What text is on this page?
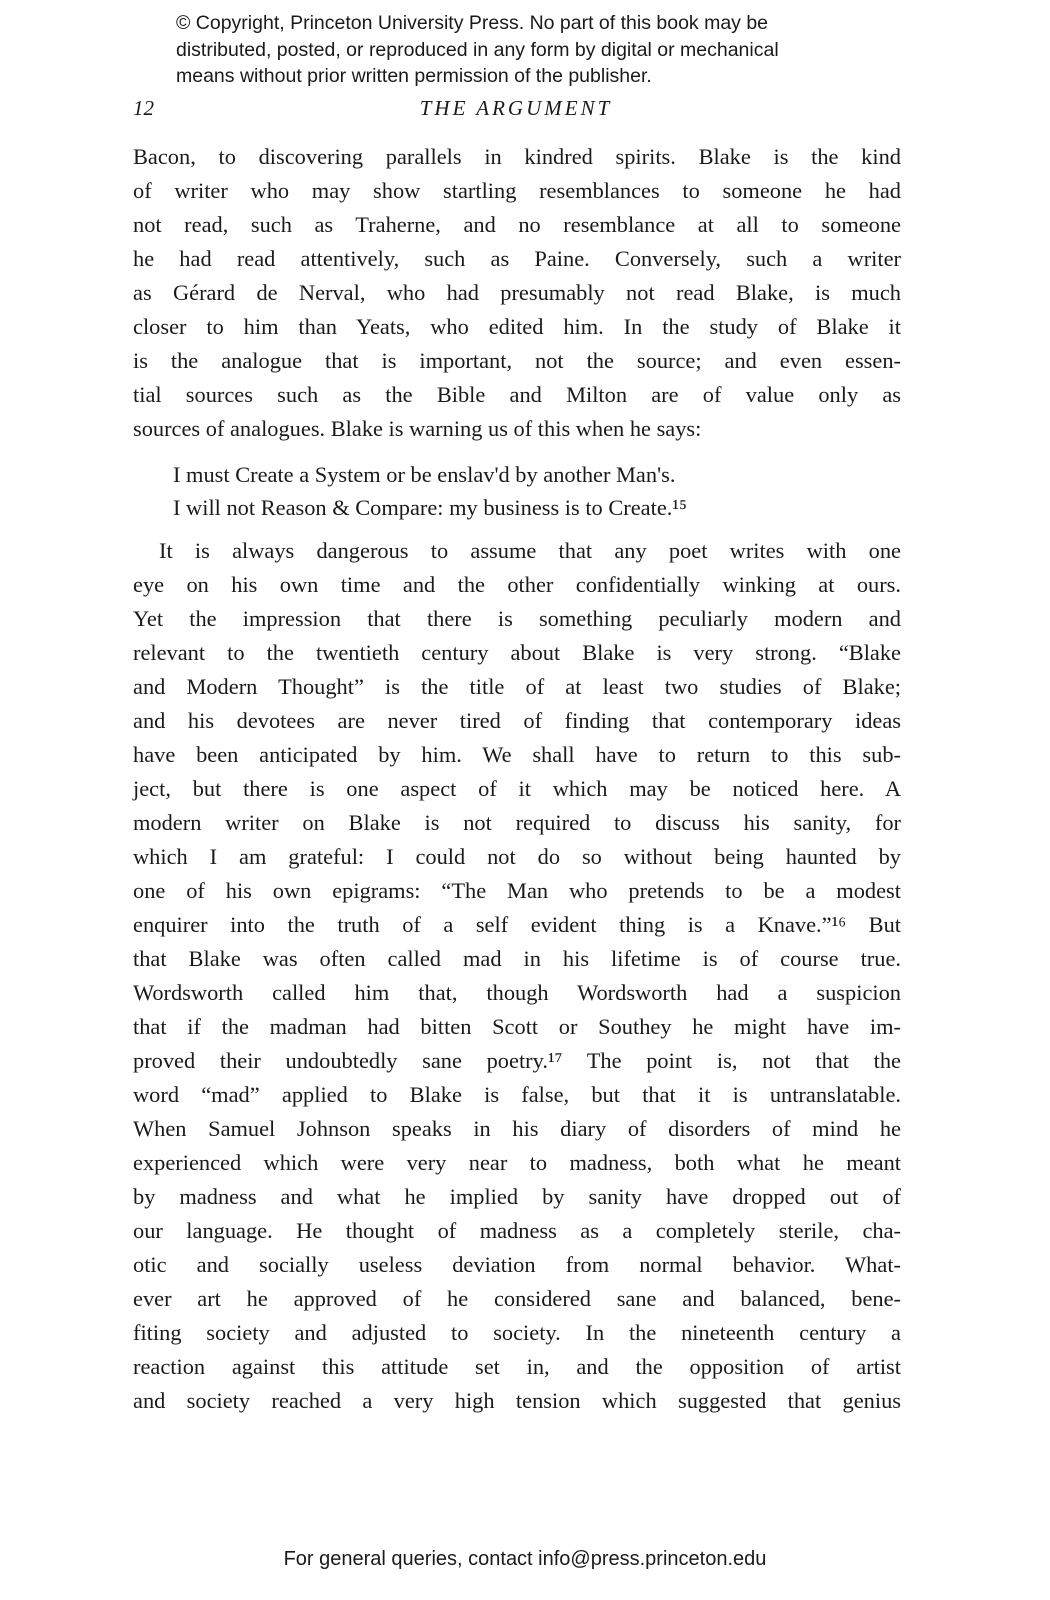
© Copyright, Princeton University Press. No part of this book may be
distributed, posted, or reproduced in any form by digital or mechanical
means without prior written permission of the publisher.
12	THE ARGUMENT
Bacon, to discovering parallels in kindred spirits. Blake is the kind
of writer who may show startling resemblances to someone he had
not read, such as Traherne, and no resemblance at all to someone
he had read attentively, such as Paine. Conversely, such a writer
as Gérard de Nerval, who had presumably not read Blake, is much
closer to him than Yeats, who edited him. In the study of Blake it
is the analogue that is important, not the source; and even essen-
tial sources such as the Bible and Milton are of value only as
sources of analogues. Blake is warning us of this when he says:
I must Create a System or be enslav'd by another Man's.
I will not Reason & Compare: my business is to Create.¹⁵
It is always dangerous to assume that any poet writes with one
eye on his own time and the other confidentially winking at ours.
Yet the impression that there is something peculiarly modern and
relevant to the twentieth century about Blake is very strong. “Blake
and Modern Thought” is the title of at least two studies of Blake;
and his devotees are never tired of finding that contemporary ideas
have been anticipated by him. We shall have to return to this sub-
ject, but there is one aspect of it which may be noticed here. A
modern writer on Blake is not required to discuss his sanity, for
which I am grateful: I could not do so without being haunted by
one of his own epigrams: “The Man who pretends to be a modest
enquirer into the truth of a self evident thing is a Knave.”¹⁶ But
that Blake was often called mad in his lifetime is of course true.
Wordsworth called him that, though Wordsworth had a suspicion
that if the madman had bitten Scott or Southey he might have im-
proved their undoubtedly sane poetry.¹⁷ The point is, not that the
word “mad” applied to Blake is false, but that it is untranslatable.
When Samuel Johnson speaks in his diary of disorders of mind he
experienced which were very near to madness, both what he meant
by madness and what he implied by sanity have dropped out of
our language. He thought of madness as a completely sterile, cha-
otic and socially useless deviation from normal behavior. What-
ever art he approved of he considered sane and balanced, bene-
fiting society and adjusted to society. In the nineteenth century a
reaction against this attitude set in, and the opposition of artist
and society reached a very high tension which suggested that genius
For general queries, contact info@press.princeton.edu
